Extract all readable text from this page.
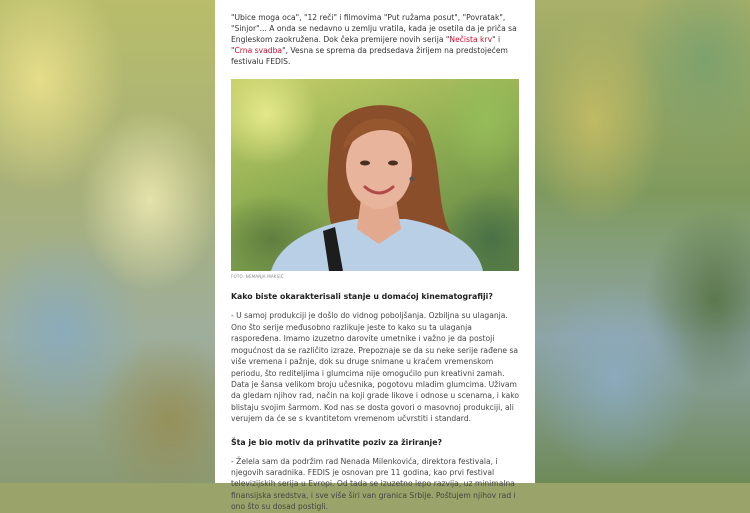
"Ubice moga oca", "12 reči" i filmovima "Put ružama posut", "Povratak", "Sinjor"... A onda se nedavno u zemlju vratila, kada je osetila da je priča sa Engleskom zaokružena. Dok čeka premijere novih serija "Nečista krv" i "Crna svadba", Vesna se sprema da predsedava žirijem na predstojećem festivalu FEDIS.

FOTO: NEMANJA MAKSIĆ
Kako biste okarakterisali stanje u domaćoj kinematografiji?

- U samoj produkciji je došlo do vidnog poboljšanja. Ozbiljna su ulaganja. Ono što serije međusobno razlikuje jeste to kako su ta ulaganja raspoređena. Imamo izuzetno darovite umetnike i važno je da postoji mogućnost da se različito izraze. Prepoznaje se da su neke serije rađene sa više vremena i pažnje, dok su druge snimane u kraćem vremenskom periodu, što rediteljima i glumcima nije omogućilo pun kreativni zamah. Data je šansa velikom broju učesnika, pogotovu mladim glumcima. Uživam da gledam njihov rad, način na koji grade likove i odnose u scenama, i kako blistaju svojim šarmom. Kod nas se dosta govori o masovnoj produkciji, ali verujem da će se s kvantitetom vremenom učvrstiti i standard.

Šta je bio motiv da prihvatite poziv za žiriranje?

- Želela sam da podržim rad Nenada Milenkovića, direktora festivala, i njegovih saradnika. FEDIS je osnovan pre 11 godina, kao prvi festival televizijskih serija u Evropi. Od tada se izuzetno lepo razvija, uz minimalna finansijska sredstva, i sve više širi van granica Srbije. Poštujem njihov rad i ono što su dosad postigli.
